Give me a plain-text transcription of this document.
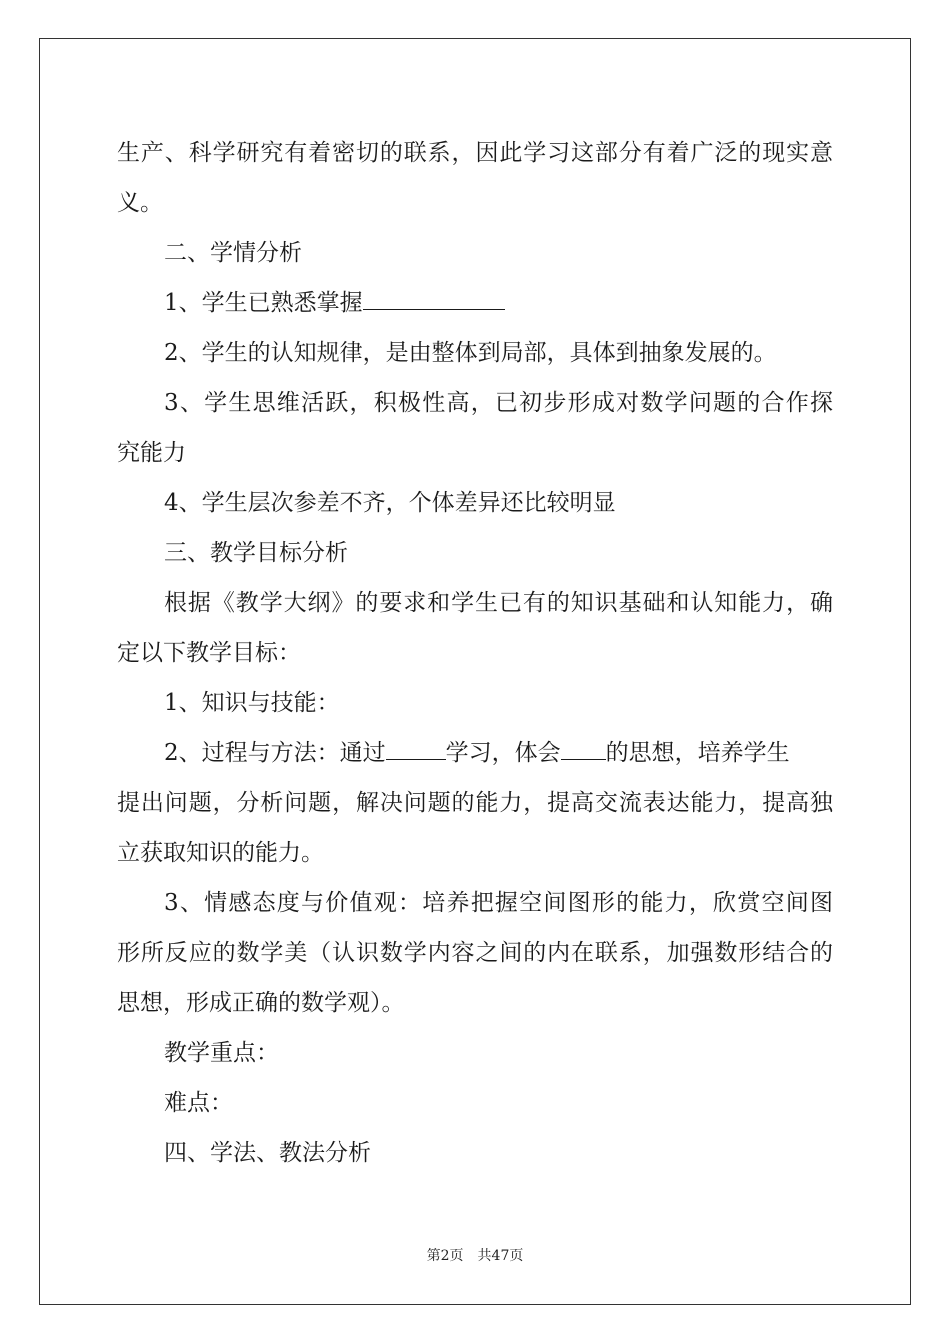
生产、科学研究有着密切的联系，因此学习这部分有着广泛的现实意
义。
二、学情分析
1、学生已熟悉掌握
2、学生的认知规律，是由整体到局部，具体到抽象发展的。
3、学生思维活跃，积极性高，已初步形成对数学问题的合作探
究能力
4、学生层次参差不齐，个体差异还比较明显
三、教学目标分析
根据《教学大纲》的要求和学生已有的知识基础和认知能力，确
定以下教学目标：
1、知识与技能：
2、过程与方法：通过	学习，体会 的思想，培养学生
提出问题，分析问题，解决问题的能力，提高交流表达能力，提高独
立获取知识的能力。
3、情感态度与价值观：培养把握空间图形的能力，欣赏空间图
形所反应的数学美（认识数学内容之间的内在联系，加强数形结合的
思想，形成正确的数学观）。
教学重点：
难点：
四、学法、教法分析
第2页 共47页
